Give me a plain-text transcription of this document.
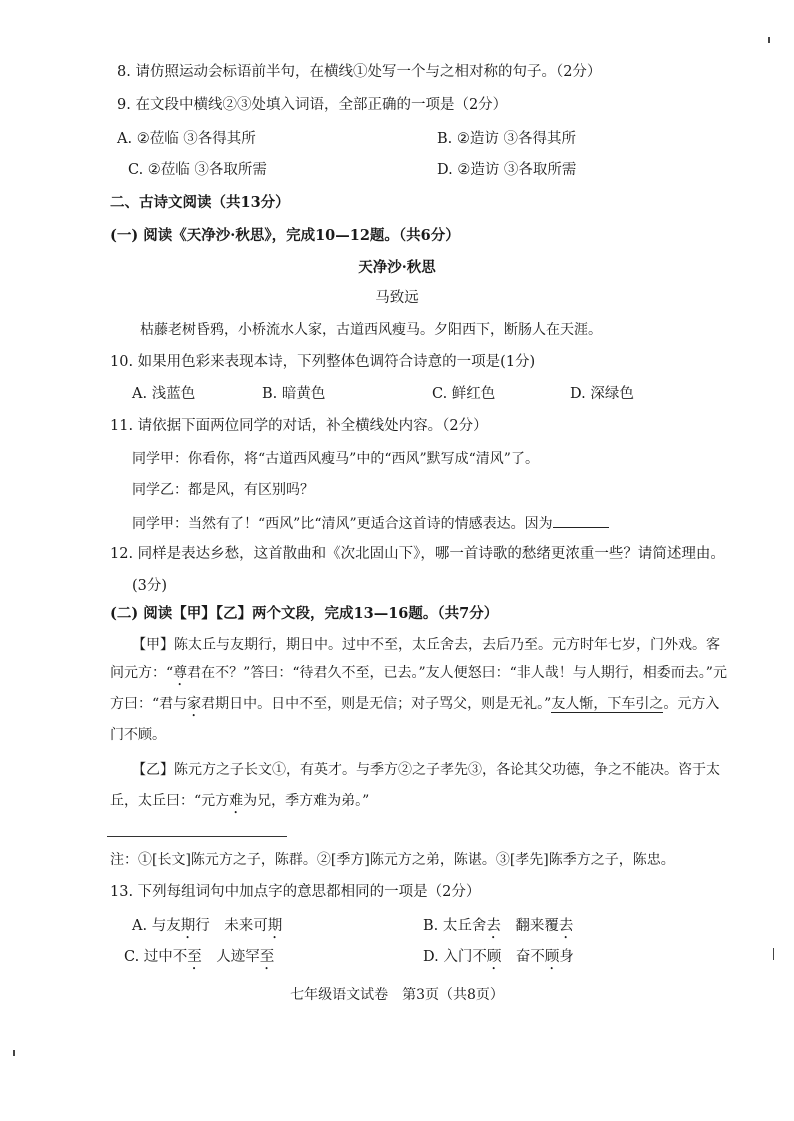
8. 请仿照运动会标语前半句，在横线①处写一个与之相对称的句子。（2分）
9. 在文段中横线②③处填入词语，全部正确的一项是（2分）
A. ②莅临 ③各得其所	B. ②造访 ③各得其所
C. ②莅临 ③各取所需	D. ②造访 ③各取所需
二、古诗文阅读（共13分）
(一) 阅读《天净沙·秋思》，完成10—12题。（共6分）
天净沙·秋思
马致远
枯藤老树昏鸦，小桥流水人家，古道西风瘦马。夕阳西下，断肠人在天涯。
10. 如果用色彩来表现本诗，下列整体色调符合诗意的一项是(1分)
A. 浅蓝色	B. 暗黄色	C. 鲜红色	D. 深绿色
11. 请依据下面两位同学的对话，补全横线处内容。（2分）
同学甲：你看你，将“古道西风瘦马”中的“西风”默写成“清风”了。
同学乙：都是风，有区别吗？
同学甲：当然有了！“西风”比“清风”更适合这首诗的情感表达。因为
12. 同样是表达乡愁，这首散曲和《次北固山下》，哪一首诗歌的愁绪更浓重一些？请简述理由。
(3分)
(二) 阅读【甲】【乙】两个文段，完成13—16题。（共7分）
【甲】陈太丘与友期行，期日中。过中不至，太丘舍去，去后乃至。元方时年七岁，门外戏。客
问元方：“尊君在不？”答曰：“待君久不至，已去。”友人便怒曰：“非人哉！与人期行，相委而去。”元
方曰：“君与家君期日中。日中不至，则是无信；对子骂父，则是无礼。”友人惭，下车引之。元方入
门不顾。
【乙】陈元方之子长文①，有英才。与季方②之子孝先③，各论其父功德，争之不能决。咨于太
丘，太丘曰：“元方难为兄，季方难为弟。”
注：①[长文]陈元方之子，陈群。②[季方]陈元方之弟，陈谌。③[孝先]陈季方之子，陈忠。
13. 下列每组词句中加点字的意思都相同的一项是（2分）
A. 与友期行　未来可期	B. 太丘舍去　翻来覆去
C. 过中不至　人迹罕至	D. 入门不顾　奋不顾身
七年级语文试卷　第3页（共8页）
